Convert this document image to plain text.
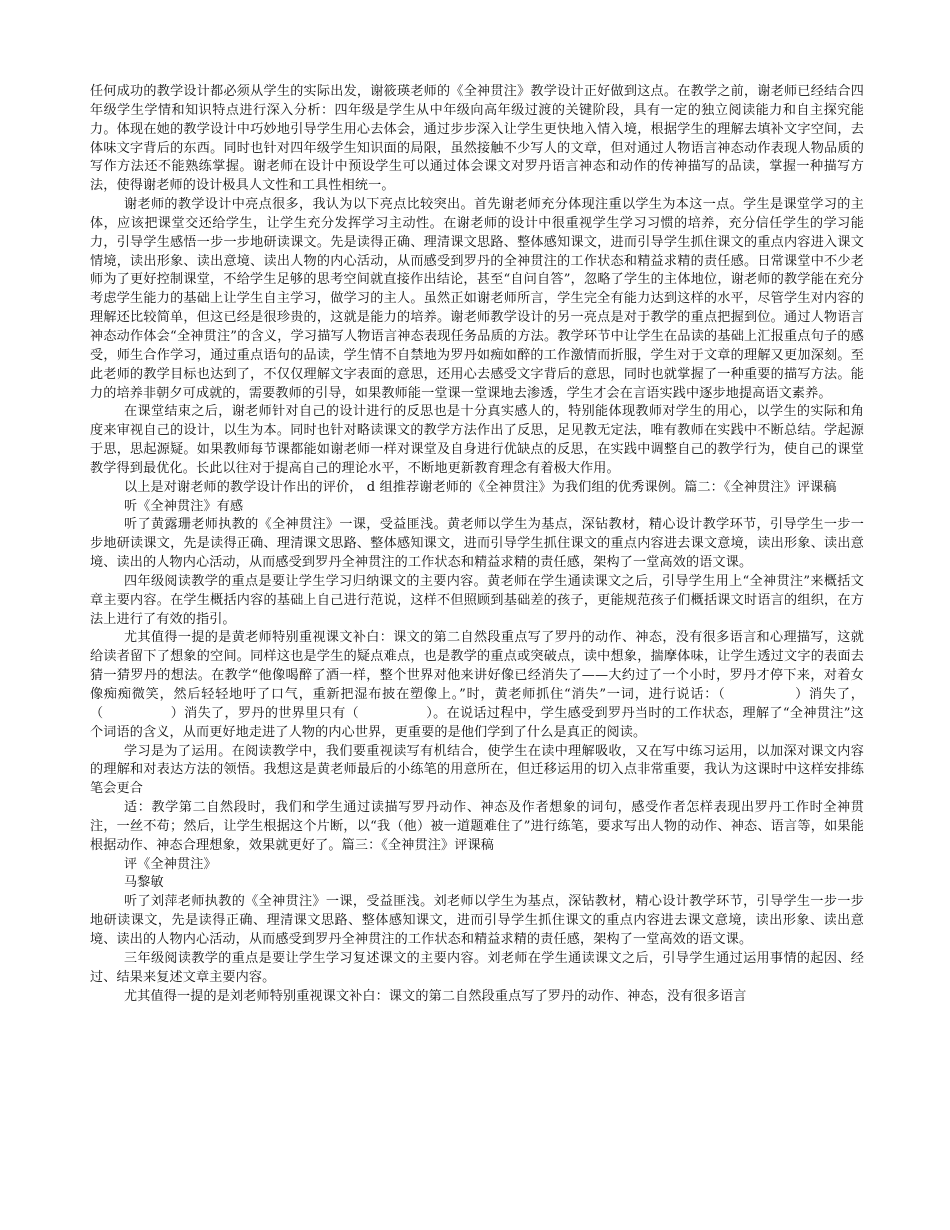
任何成功的教学设计都必须从学生的实际出发，谢筱瑛老师的《全神贯注》教学设计正好做到这点。在教学之前，谢老师已经结合四年级学生学情和知识特点进行深入分析：四年级是学生从中年级向高年级过渡的关键阶段，具有一定的独立阅读能力和自主探究能力。体现在她的教学设计中巧妙地引导学生用心去体会，通过步步深入让学生更快地入情入境，根据学生的理解去填补文字空间，去体味文字背后的东西。同时也针对四年级学生知识面的局限，虽然接触不少写人的文章，但对通过人物语言神态动作表现人物品质的写作方法还不能熟练掌握。谢老师在设计中预设学生可以通过体会课文对罗丹语言神态和动作的传神描写的品读，掌握一种描写方法，使得谢老师的设计极具人文性和工具性相统一。

谢老师的教学设计中亮点很多，我认为以下亮点比较突出。首先谢老师充分体现注重以学生为本这一点。学生是课堂学习的主体，应该把课堂交还给学生，让学生充分发挥学习主动性。在谢老师的设计中很重视学生学习习惯的培养，充分信任学生的学习能力，引导学生感悟一步一步地研读课文。先是读得正确、理清课文思路、整体感知课文，进而引导学生抓住课文的重点内容进入课文情境，读出形象、读出意境、读出人物的内心活动，从而感受到罗丹的全神贯注的工作状态和精益求精的责任感。日常课堂中不少老师为了更好控制课堂，不给学生足够的思考空间就直接作出结论，甚至“自问自答”，忽略了学生的主体地位，谢老师的教学能在充分考虑学生能力的基础上让学生自主学习，做学习的主人。虽然正如谢老师所言，学生完全有能力达到这样的水平，尽管学生对内容的理解还比较简单，但这已经是很珍贵的，这就是能力的培养。谢老师教学设计的另一亮点是对于教学的重点把握到位。通过人物语言神态动作体会“全神贯注”的含义，学习描写人物语言神态表现任务品质的方法。教学环节中让学生在品读的基础上汇报重点句子的感受，师生合作学习，通过重点语句的品读，学生情不自禁地为罗丹如痴如醉的工作激情而折服，学生对于文章的理解又更加深刻。至此老师的教学目标也达到了，不仅仅理解文字表面的意思，还用心去感受文字背后的意思，同时也就掌握了一种重要的描写方法。能力的培养非朝夕可成就的，需要教师的引导，如果教师能一堂课一堂课地去渗透，学生才会在言语实践中逐步地提高语文素养。

在课堂结束之后，谢老师针对自己的设计进行的反思也是十分真实感人的，特别能体现教师对学生的用心，以学生的实际和角度来审视自己的设计，以生为本。同时也针对略读课文的教学方法作出了反思，足见教无定法，唯有教师在实践中不断总结。学起源于思，思起源疑。如果教师每节课都能如谢老师一样对课堂及自身进行优缺点的反思，在实践中调整自己的教学行为，使自己的课堂教学得到最优化。长此以往对于提高自己的理论水平，不断地更新教育理念有着极大作用。

以上是对谢老师的教学设计作出的评价， d 组推荐谢老师的《全神贯注》为我们组的优秀课例。篇二：《全神贯注》评课稿

听《全神贯注》有感

听了黄露珊老师执教的《全神贯注》一课，受益匪浅。黄老师以学生为基点，深钻教材，精心设计教学环节，引导学生一步一步地研读课文，先是读得正确、理清课文思路、整体感知课文，进而引导学生抓住课文的重点内容进去课文意境，读出形象、读出意境、读出的人物内心活动，从而感受到罗丹全神贯注的工作状态和精益求精的责任感，架构了一堂高效的语文课。

四年级阅读教学的重点是要让学生学习归纳课文的主要内容。黄老师在学生通读课文之后，引导学生用上“全神贯注”来概括文章主要内容。在学生概括内容的基础上自己进行范说，这样不但照顾到基础差的孩子，更能规范孩子们概括课文时语言的组织，在方法上进行了有效的指引。

尤其值得一提的是黄老师特别重视课文补白：课文的第二自然段重点写了罗丹的动作、神态，没有很多语言和心理描写，这就给读者留下了想象的空间。同样这也是学生的疑点难点，也是教学的重点或突破点，读中想象，揣摩体味，让学生透过文字的表面去猜一猜罗丹的想法。在教学“他像喝醉了酒一样，整个世界对他来讲好像已经消失了——大约过了一个小时，罗丹才停下来，对着女像痴痴微笑，然后轻轻地吁了口气，重新把湿布披在塑像上。”时，黄老师抓住“消失”一词，进行说话：（　　　　　）消失了，（　　　　　）消失了，罗丹的世界里只有（　　　　　）。在说话过程中，学生感受到罗丹当时的工作状态，理解了“全神贯注”这个词语的含义，从而更好地走进了人物的内心世界，更重要的是他们学到了什么是真正的阅读。

学习是为了运用。在阅读教学中，我们要重视读写有机结合，使学生在读中理解吸收，又在写中练习运用，以加深对课文内容的理解和对表达方法的领悟。我想这是黄老师最后的小练笔的用意所在，但迁移运用的切入点非常重要，我认为这课时中这样安排练笔会更合

适：教学第二自然段时，我们和学生通过读描写罗丹动作、神态及作者想象的词句，感受作者怎样表现出罗丹工作时全神贯注，一丝不苟；然后，让学生根据这个片断，以“我（他）被一道题难住了”进行练笔，要求写出人物的动作、神态、语言等，如果能根据动作、神态合理想象，效果就更好了。篇三：《全神贯注》评课稿

评《全神贯注》

马黎敏

听了刘萍老师执教的《全神贯注》一课，受益匪浅。刘老师以学生为基点，深钻教材，精心设计教学环节，引导学生一步一步地研读课文，先是读得正确、理清课文思路、整体感知课文，进而引导学生抓住课文的重点内容进去课文意境，读出形象、读出意境、读出的人物内心活动，从而感受到罗丹全神贯注的工作状态和精益求精的责任感，架构了一堂高效的语文课。

三年级阅读教学的重点是要让学生学习复述课文的主要内容。刘老师在学生通读课文之后，引导学生通过运用事情的起因、经过、结果来复述文章主要内容。

尤其值得一提的是刘老师特别重视课文补白：课文的第二自然段重点写了罗丹的动作、神态，没有很多语言
